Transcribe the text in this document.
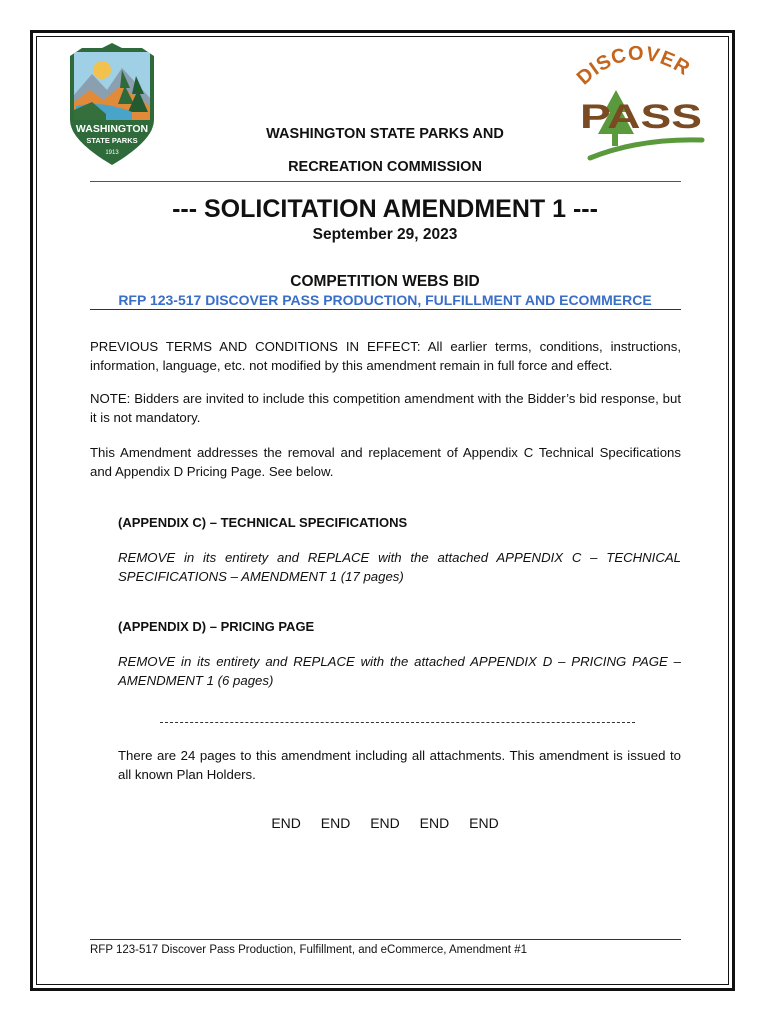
WASHINGTON
STATE PARKS
1913
DISCOVER
PASS
WASHINGTON STATE PARKS AND
RECREATION COMMISSION
--- SOLICITATION AMENDMENT 1 ---
September 29, 2023
COMPETITION WEBS BID
RFP 123-517 DISCOVER PASS PRODUCTION, FULFILLMENT AND ECOMMERCE
PREVIOUS TERMS AND CONDITIONS IN EFFECT: All earlier terms, conditions, instructions, information, language, etc. not modified by this amendment remain in full force and effect.
NOTE: Bidders are invited to include this competition amendment with the Bidder’s bid response, but it is not mandatory.
This Amendment addresses the removal and replacement of Appendix C Technical Specifications and Appendix D Pricing Page. See below.
(APPENDIX C) – TECHNICAL SPECIFICATIONS
REMOVE in its entirety and REPLACE with the attached APPENDIX C – TECHNICAL SPECIFICATIONS – AMENDMENT 1 (17 pages)
(APPENDIX D) – PRICING PAGE
REMOVE in its entirety and REPLACE with the attached APPENDIX D – PRICING PAGE – AMENDMENT 1 (6 pages)
There are 24 pages to this amendment including all attachments. This amendment is issued to all known Plan Holders.
END END END END END
RFP 123-517 Discover Pass Production, Fulfillment, and eCommerce, Amendment #1
